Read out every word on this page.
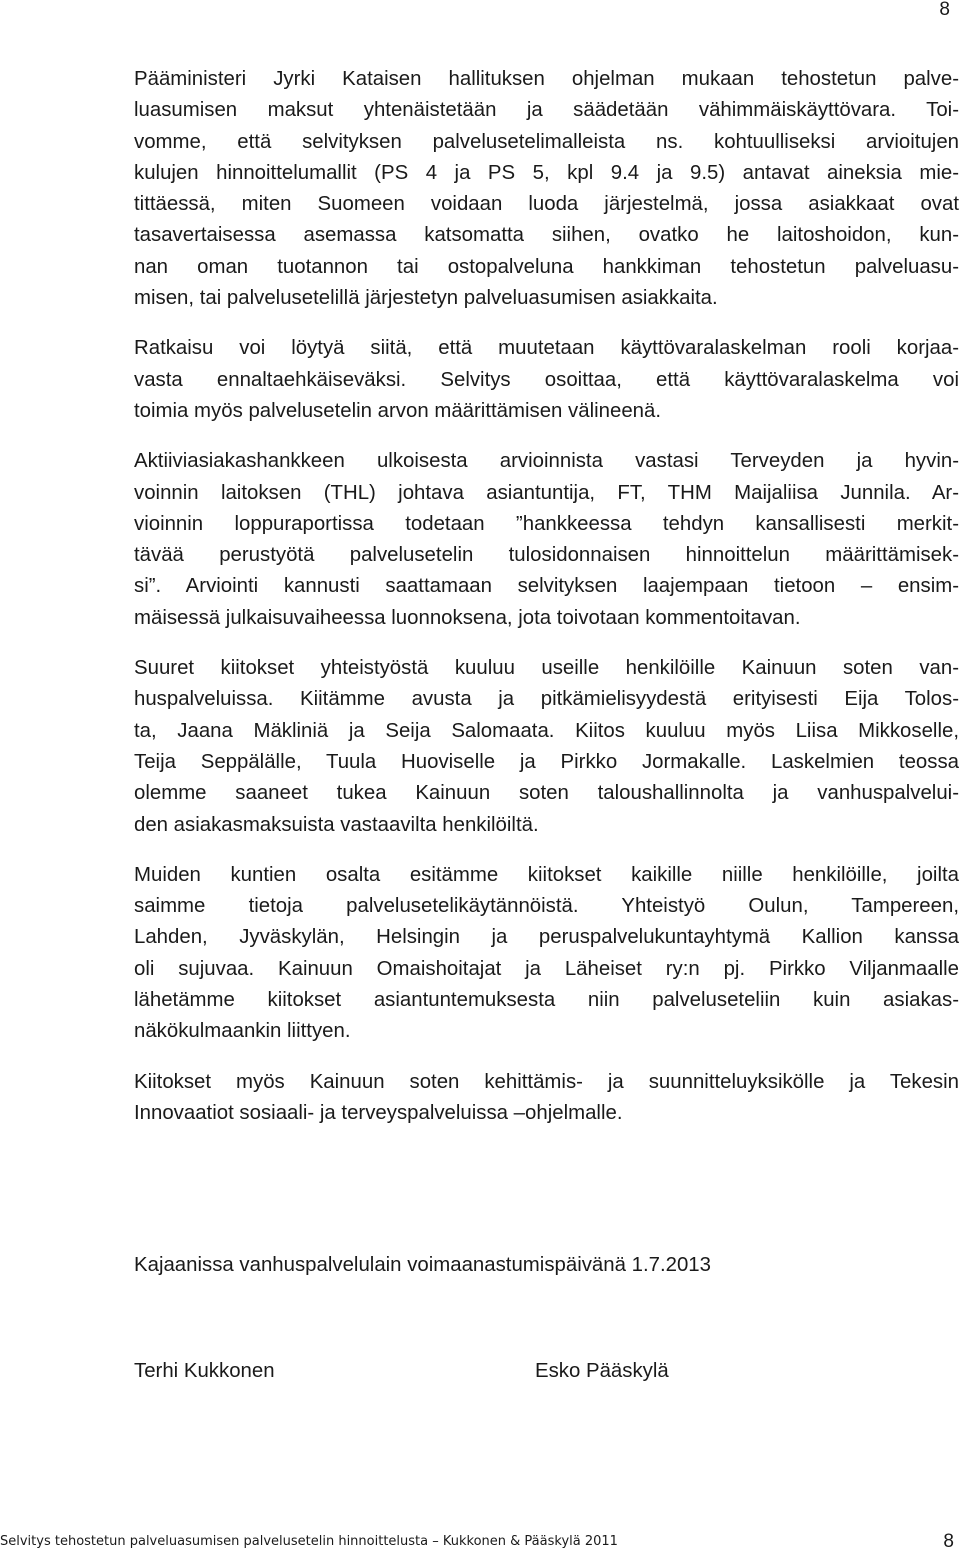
8

Pääministeri Jyrki Kataisen hallituksen ohjelman mukaan tehostetun palve-
luasumisen maksut yhtenäistetään ja säädetään vähimmäiskäyttövara. Toi-
vomme, että selvityksen palvelusetelimalleista ns. kohtuulliseksi arvioitujen
kulujen hinnoittelumallit (PS 4 ja PS 5, kpl 9.4 ja 9.5) antavat aineksia mie-
tittäessä, miten Suomeen voidaan luoda järjestelmä, jossa asiakkaat ovat
tasavertaisessa asemassa katsomatta siihen, ovatko he laitoshoidon, kun-
nan oman tuotannon tai ostopalveluna hankkiman tehostetun palveluasu-
misen, tai palvelusetelillä järjestetyn palveluasumisen asiakkaita.

Ratkaisu voi löytyä siitä, että muutetaan käyttövaralaskelman rooli korjaa-
vasta ennaltaehkäiseväksi. Selvitys osoittaa, että käyttövaralaskelma voi
toimia myös palvelusetelin arvon määrittämisen välineenä.

Aktiiviasiakashankkeen ulkoisesta arvioinnista vastasi Terveyden ja hyvin-
voinnin laitoksen (THL) johtava asiantuntija, FT, THM Maijaliisa Junnila. Ar-
vioinnin loppuraportissa todetaan ”hankkeessa tehdyn kansallisesti merkit-
tävää perustyötä palvelusetelin tulosidonnaisen hinnoittelun määrittämisek-
si”. Arviointi kannusti saattamaan selvityksen laajempaan tietoon – ensim-
mäisessä julkaisuvaiheessa luonnoksena, jota toivotaan kommentoitavan.

Suuret kiitokset yhteistyöstä kuuluu useille henkilöille Kainuun soten van-
huspalveluissa. Kiitämme avusta ja pitkämielisyydestä erityisesti Eija Tolos-
ta, Jaana Mäkliniä ja Seija Salomaata. Kiitos kuuluu myös Liisa Mikkoselle,
Teija Seppälälle, Tuula Huoviselle ja Pirkko Jormakalle. Laskelmien teossa
olemme saaneet tukea Kainuun soten taloushallinnolta ja vanhuspalvelui-
den asiakasmaksuista vastaavilta henkilöiltä.

Muiden kuntien osalta esitämme kiitokset kaikille niille henkilöille, joilta
saimme tietoja palvelusetelikäytännöistä. Yhteistyö Oulun, Tampereen,
Lahden, Jyväskylän, Helsingin ja peruspalvelukuntayhtymä Kallion kanssa
oli sujuvaa. Kainuun Omaishoitajat ja Läheiset ry:n pj. Pirkko Viljanmaalle
lähetämme kiitokset asiantuntemuksesta niin palveluseteliin kuin asiakas-
näkökulmaankin liittyen.

Kiitokset myös Kainuun soten kehittämis- ja suunnitteluyksikölle ja Tekesin
Innovaatiot sosiaali- ja terveyspalveluissa –ohjelmalle.

Kajaanissa vanhuspalvelulain voimaanastumispäivänä 1.7.2013

Terhi Kukkonen	Esko Pääskylä

Selvitys tehostetun palveluasumisen palvelusetelin hinnoittelusta – Kukkonen & Pääskylä 2011	8
